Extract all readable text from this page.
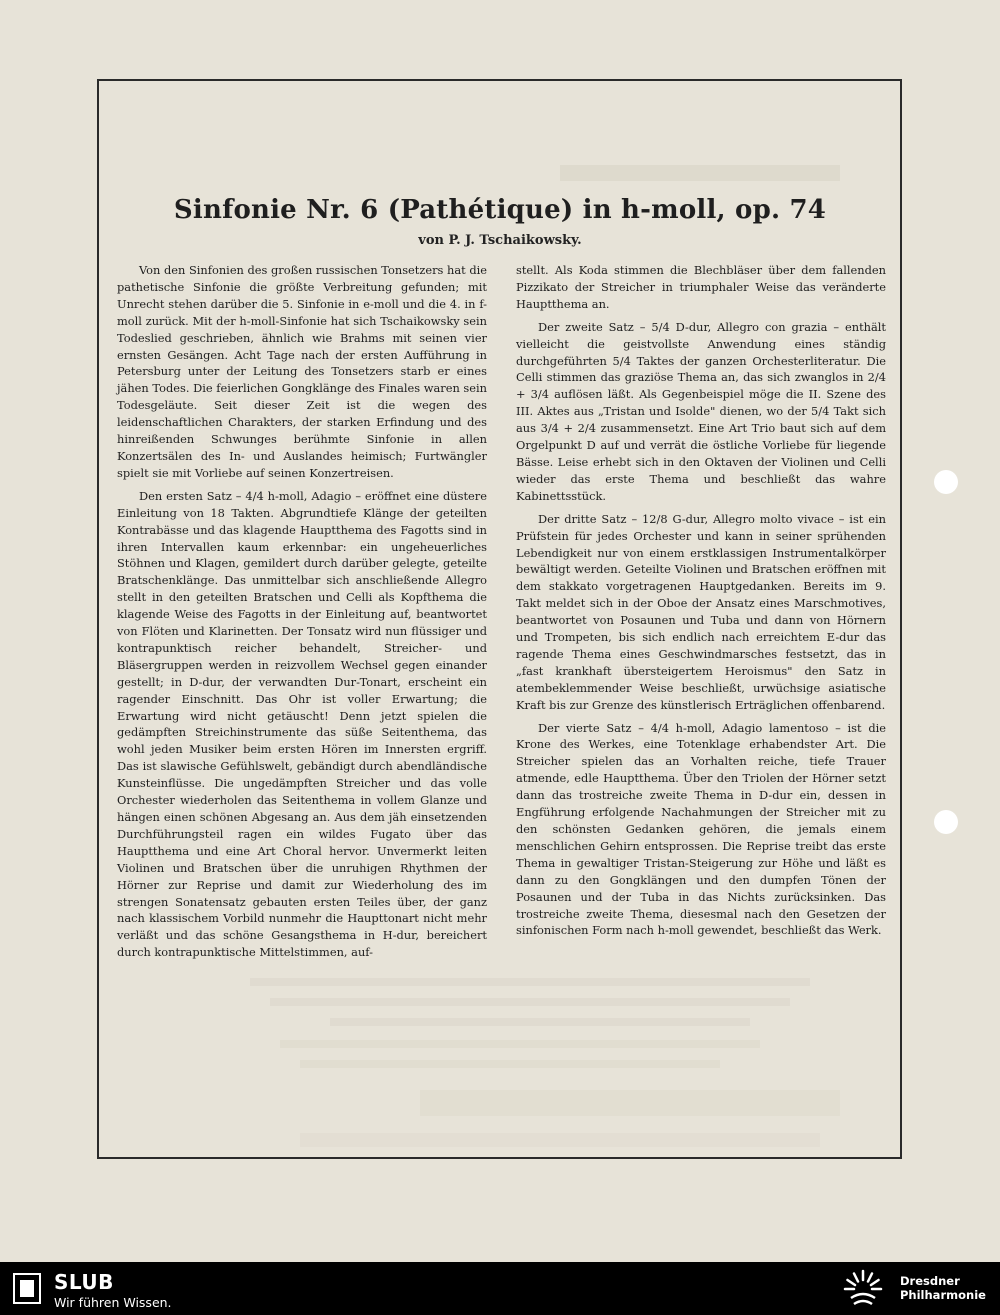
Sinfonie Nr. 6 (Pathétique) in h-moll, op. 74
von P. J. Tschaikowsky.

Von den Sinfonien des großen russischen Tonsetzers hat die pathetische Sinfonie die größte Verbreitung gefunden; mit Unrecht stehen darüber die 5. Sinfonie in e-moll und die 4. in f-moll zurück. Mit der h-moll-Sinfonie hat sich Tschaikowsky sein Todeslied geschrieben, ähnlich wie Brahms mit seinen vier ernsten Gesängen. Acht Tage nach der ersten Aufführung in Petersburg unter der Leitung des Tonsetzers starb er eines jähen Todes. Die feierlichen Gongklänge des Finales waren sein Todesgeläute. Seit dieser Zeit ist die wegen des leidenschaftlichen Charakters, der starken Erfindung und des hinreißenden Schwunges berühmte Sinfonie in allen Konzertsälen des In- und Auslandes heimisch; Furtwängler spielt sie mit Vorliebe auf seinen Konzertreisen.

Den ersten Satz – 4/4 h-moll, Adagio – eröffnet eine düstere Einleitung von 18 Takten. Abgrundtiefe Klänge der geteilten Kontrabässe und das klagende Hauptthema des Fagotts sind in ihren Intervallen kaum erkennbar: ein ungeheuerliches Stöhnen und Klagen, gemildert durch darüber gelegte, geteilte Bratschenklänge. Das unmittelbar sich anschließende Allegro stellt in den geteilten Bratschen und Celli als Kopfthema die klagende Weise des Fagotts in der Einleitung auf, beantwortet von Flöten und Klarinetten. Der Tonsatz wird nun flüssiger und kontrapunktisch reicher behandelt, Streicher- und Bläsergruppen werden in reizvollem Wechsel gegen einander gestellt; in D-dur, der verwandten Dur-Tonart, erscheint ein ragender Einschnitt. Das Ohr ist voller Erwartung; die Erwartung wird nicht getäuscht! Denn jetzt spielen die gedämpften Streichinstrumente das süße Seitenthema, das wohl jeden Musiker beim ersten Hören im Innersten ergriff. Das ist slawische Gefühlswelt, gebändigt durch abendländische Kunsteinflüsse. Die ungedämpften Streicher und das volle Orchester wiederholen das Seitenthema in vollem Glanze und hängen einen schönen Abgesang an. Aus dem jäh einsetzenden Durchführungsteil ragen ein wildes Fugato über das Hauptthema und eine Art Choral hervor. Unvermerkt leiten Violinen und Bratschen über die unruhigen Rhythmen der Hörner zur Reprise und damit zur Wiederholung des im strengen Sonatensatz gebauten ersten Teiles über, der ganz nach klassischem Vorbild nunmehr die Haupttonart nicht mehr verläßt und das schöne Gesangsthema in H-dur, bereichert durch kontrapunktische Mittelstimmen, auf-

stellt. Als Koda stimmen die Blechbläser über dem fallenden Pizzikato der Streicher in triumphaler Weise das veränderte Hauptthema an.

Der zweite Satz – 5/4 D-dur, Allegro con grazia – enthält vielleicht die geistvollste Anwendung eines ständig durchgeführten 5/4 Taktes der ganzen Orchesterliteratur. Die Celli stimmen das graziöse Thema an, das sich zwanglos in 2/4 + 3/4 auflösen läßt. Als Gegenbeispiel möge die II. Szene des III. Aktes aus „Tristan und Isolde" dienen, wo der 5/4 Takt sich aus 3/4 + 2/4 zusammensetzt. Eine Art Trio baut sich auf dem Orgelpunkt D auf und verrät die östliche Vorliebe für liegende Bässe. Leise erhebt sich in den Oktaven der Violinen und Celli wieder das erste Thema und beschließt das wahre Kabinettsstück.

Der dritte Satz – 12/8 G-dur, Allegro molto vivace – ist ein Prüfstein für jedes Orchester und kann in seiner sprühenden Lebendigkeit nur von einem erstklassigen Instrumentalkörper bewältigt werden. Geteilte Violinen und Bratschen eröffnen mit dem stakkato vorgetragenen Hauptgedanken. Bereits im 9. Takt meldet sich in der Oboe der Ansatz eines Marschmotives, beantwortet von Posaunen und Tuba und dann von Hörnern und Trompeten, bis sich endlich nach erreichtem E-dur das ragende Thema eines Geschwindmarsches festsetzt, das in „fast krankhaft übersteigertem Heroismus" den Satz in atembeklemmender Weise beschließt, urwüchsige asiatische Kraft bis zur Grenze des künstlerisch Erträglichen offenbarend.

Der vierte Satz – 4/4 h-moll, Adagio lamentoso – ist die Krone des Werkes, eine Totenklage erhabendster Art. Die Streicher spielen das an Vorhalten reiche, tiefe Trauer atmende, edle Hauptthema. Über den Triolen der Hörner setzt dann das trostreiche zweite Thema in D-dur ein, dessen in Engführung erfolgende Nachahmungen der Streicher mit zu den schönsten Gedanken gehören, die jemals einem menschlichen Gehirn entsprossen. Die Reprise treibt das erste Thema in gewaltiger Tristan-Steigerung zur Höhe und läßt es dann zu den Gongklängen und den dumpfen Tönen der Posaunen und der Tuba in das Nichts zurücksinken. Das trostreiche zweite Thema, diesesmal nach den Gesetzen der sinfonischen Form nach h-moll gewendet, beschließt das Werk.

SLUB
Wir führen Wissen.
Dresdner
Philharmonie
